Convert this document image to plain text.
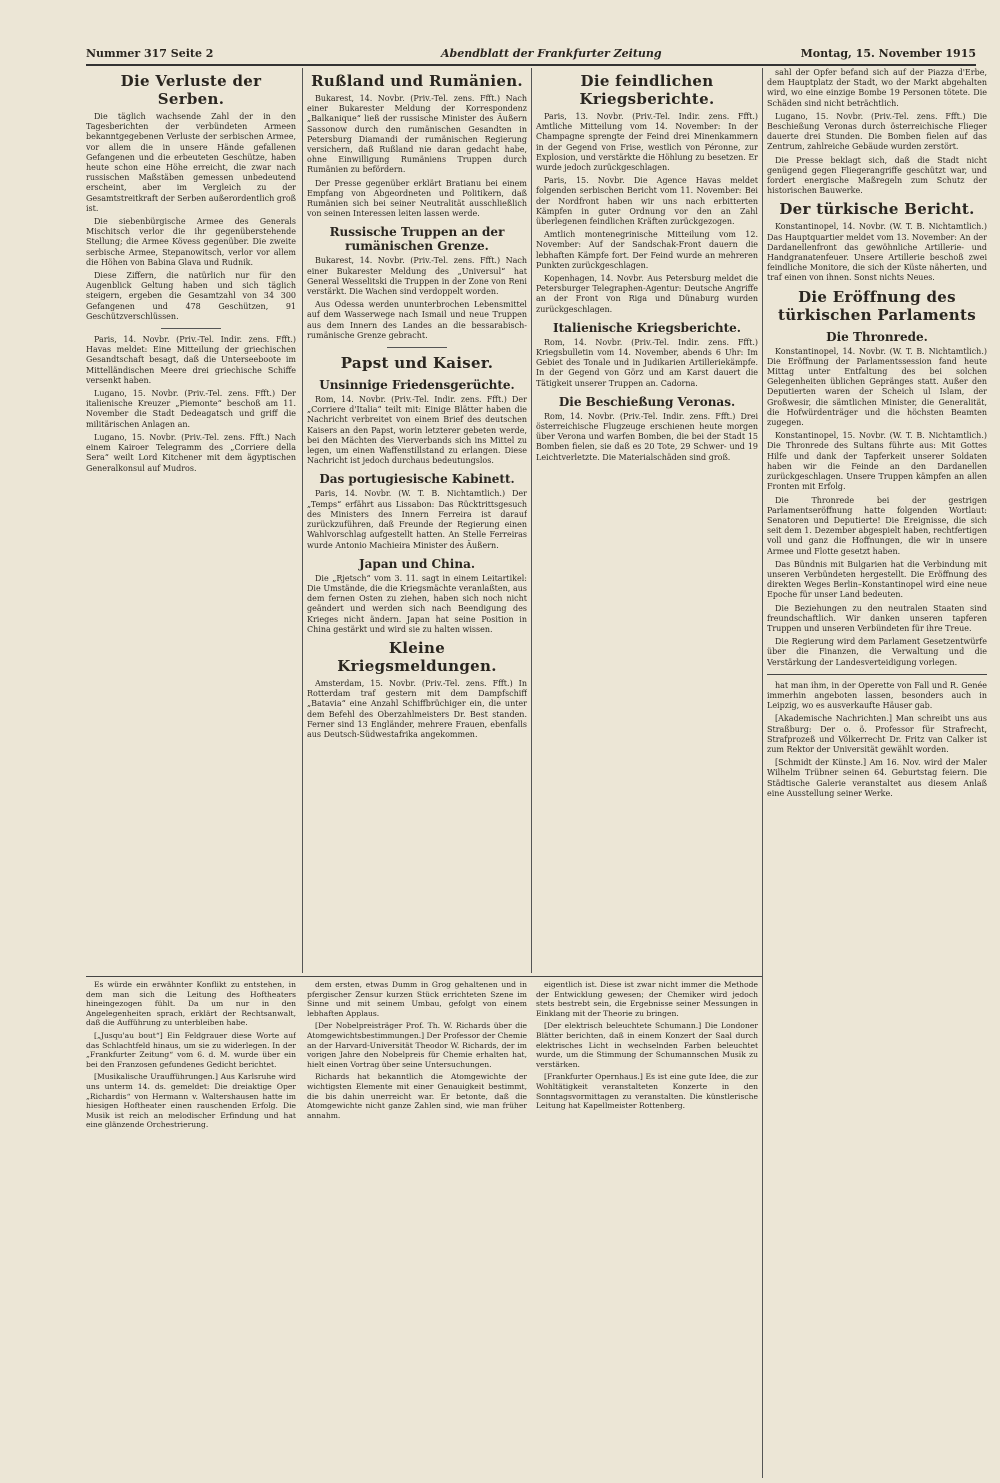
Nummer 317 Seite 2	Abendblatt der Frankfurter Zeitung	Montag, 15. November 1915
Die Verluste der Serben.

Die täglich wachsende Zahl der in den Tagesberichten der verbündeten Armeen bekanntgegebenen Verluste der serbischen Armee, vor allem die in unsere Hände gefallenen Gefangenen und die erbeuteten Geschütze, haben heute schon eine Höhe erreicht, die zwar nach russischen Maßstäben gemessen unbedeutend erscheint, aber im Vergleich zu der Gesamtstreitkraft der Serben außerordentlich groß ist.

Die siebenbürgische Armee des Generals Mischitsch verlor die ihr gegenüberstehende Stellung; die Armee Kövess gegenüber. Die zweite serbische Armee, Stepanowitsch, verlor vor allem die Höhen von Babina Glava und Rudnik.

Diese Ziffern, die natürlich nur für den Augenblick Geltung haben und sich täglich steigern, ergeben die Gesamtzahl von 34 300 Gefangenen und 478 Geschützen, 91 Geschützverschlüssen.

Paris, 14. Novbr. (Priv.-Tel. Indir. zens. Ffft.) Havas meldet: Eine Mitteilung der griechischen Gesandtschaft besagt, daß die Unterseeboote im Mittelländischen Meere drei griechische Schiffe versenkt haben.

Lugano, 15. Novbr. (Priv.-Tel. zens. Ffft.) Der italienische Kreuzer „Piemonte“ beschoß am 11. November die Stadt Dedeagatsch und griff die militärischen Anlagen an.

Lugano, 15. Novbr. (Priv.-Tel. zens. Ffft.) Nach einem Kairoer Telegramm des „Corriere della Sera“ weilt Lord Kitchener mit dem ägyptischen Generalkonsul auf Mudros.

Rußland und Rumänien.

Bukarest, 14. Novbr. (Priv.-Tel. zens. Ffft.) Nach einer Bukarester Meldung der Korrespondenz „Balkanique“ ließ der russische Minister des Äußern Sassonow durch den rumänischen Gesandten in Petersburg Diamandi der rumänischen Regierung versichern, daß Rußland nie daran gedacht habe, ohne Einwilligung Rumäniens Truppen durch Rumänien zu befördern.

Der Presse gegenüber erklärt Bratianu bei einem Empfang von Abgeordneten und Politikern, daß Rumänien sich bei seiner Neutralität ausschließlich von seinen Interessen leiten lassen werde.

Russische Truppen an der rumänischen Grenze.

Bukarest, 14. Novbr. (Priv.-Tel. zens. Ffft.) Nach einer Bukarester Meldung des „Universul“ hat General Wesselitski die Truppen in der Zone von Reni verstärkt. Die Wachen sind verdoppelt worden.

Aus Odessa werden ununterbrochen Lebensmittel auf dem Wasserwege nach Ismail und neue Truppen aus dem Innern des Landes an die bessarabisch-rumänische Grenze gebracht.

Papst und Kaiser.
Unsinnige Friedensgerüchte.

Rom, 14. Novbr. (Priv.-Tel. Indir. zens. Ffft.) Der „Corriere d'Italia“ teilt mit: Einige Blätter haben die Nachricht verbreitet von einem Brief des deutschen Kaisers an den Papst, worin letzterer gebeten werde, bei den Mächten des Vierverbands sich ins Mittel zu legen, um einen Waffenstillstand zu erlangen. Diese Nachricht ist jedoch durchaus bedeutungslos.

Das portugiesische Kabinett.

Paris, 14. Novbr. (W. T. B. Nichtamtlich.) Der „Temps“ erfährt aus Lissabon: Das Rücktrittsgesuch des Ministers des Innern Ferreira ist darauf zurückzuführen, daß Freunde der Regierung einen Wahlvorschlag aufgestellt hatten. An Stelle Ferreiras wurde Antonio Machieira Minister des Äußern.

Japan und China.

Die „Rjetsch“ vom 3. 11. sagt in einem Leitartikel: Die Umstände, die die Kriegsmächte veranlaßten, aus dem fernen Osten zu ziehen, haben sich noch nicht geändert und werden sich nach Beendigung des Krieges nicht ändern. Japan hat seine Position in China gestärkt und wird sie zu halten wissen.

Kleine Kriegsmeldungen.

Amsterdam, 15. Novbr. (Priv.-Tel. zens. Ffft.) In Rotterdam traf gestern mit dem Dampfschiff „Batavia“ eine Anzahl Schiffbrüchiger ein, die unter dem Befehl des Oberzahlmeisters Dr. Best standen. Ferner sind 13 Engländer, mehrere Frauen, ebenfalls aus Deutsch-Südwestafrika angekommen.

Die feindlichen Kriegsberichte.

Paris, 13. Novbr. (Priv.-Tel. Indir. zens. Ffft.) Amtliche Mitteilung vom 14. November: In der Champagne sprengte der Feind drei Minenkammern in der Gegend von Frise, westlich von Péronne, zur Explosion, und verstärkte die Höhlung zu besetzen. Er wurde jedoch zurückgeschlagen.

Paris, 15. Novbr. Die Agence Havas meldet folgenden serbischen Bericht vom 11. November: Bei der Nordfront haben wir uns nach erbitterten Kämpfen in guter Ordnung vor den an Zahl überlegenen feindlichen Kräften zurückgezogen.

Amtlich montenegrinische Mitteilung vom 12. November: Auf der Sandschak-Front dauern die lebhaften Kämpfe fort. Der Feind wurde an mehreren Punkten zurückgeschlagen.

Kopenhagen, 14. Novbr. Aus Petersburg meldet die Petersburger Telegraphen-Agentur: Deutsche Angriffe an der Front von Riga und Dünaburg wurden zurückgeschlagen.

Italienische Kriegsberichte.

Rom, 14. Novbr. (Priv.-Tel. Indir. zens. Ffft.) Kriegsbulletin vom 14. November, abends 6 Uhr: Im Gebiet des Tonale und in Judikarien Artilleriekämpfe. In der Gegend von Görz und am Karst dauert die Tätigkeit unserer Truppen an. Cadorna.

Die Beschießung Veronas.

Rom, 14. Novbr. (Priv.-Tel. Indir. zens. Ffft.) Drei österreichische Flugzeuge erschienen heute morgen über Verona und warfen Bomben, die bei der Stadt 15 Bomben fielen, sie daß es 20 Tote, 29 Schwer- und 19 Leichtverletzte. Die Materialschäden sind groß.

sahl der Opfer befand sich auf der Piazza d'Erbe, dem Hauptplatz der Stadt, wo der Markt abgehalten wird, wo eine einzige Bombe 19 Personen tötete. Die Schäden sind nicht beträchtlich.

Lugano, 15. Novbr. (Priv.-Tel. zens. Ffft.) Die Beschießung Veronas durch österreichische Flieger dauerte drei Stunden. Die Bomben fielen auf das Zentrum, zahlreiche Gebäude wurden zerstört.

Die Presse beklagt sich, daß die Stadt nicht genügend gegen Fliegerangriffe geschützt war, und fordert energische Maßregeln zum Schutz der historischen Bauwerke.

Der türkische Bericht.

Konstantinopel, 14. Novbr. (W. T. B. Nichtamtlich.) Das Hauptquartier meldet vom 13. November: An der Dardanellenfront das gewöhnliche Artillerie- und Handgranatenfeuer. Unsere Artillerie beschoß zwei feindliche Monitore, die sich der Küste näherten, und traf einen von ihnen. Sonst nichts Neues.

Die Eröffnung des türkischen Parlaments
Die Thronrede.

Konstantinopel, 14. Novbr. (W. T. B. Nichtamtlich.) Die Eröffnung der Parlamentssession fand heute Mittag unter Entfaltung des bei solchen Gelegenheiten üblichen Gepränges statt. Außer den Deputierten waren der Scheich ul Islam, der Großwesir, die sämtlichen Minister, die Generalität, die Hofwürdenträger und die höchsten Beamten zugegen.

Konstantinopel, 15. Novbr. (W. T. B. Nichtamtlich.) Die Thronrede des Sultans führte aus: Mit Gottes Hilfe und dank der Tapferkeit unserer Soldaten haben wir die Feinde an den Dardanellen zurückgeschlagen. Unsere Truppen kämpfen an allen Fronten mit Erfolg.

Die Thronrede bei der gestrigen Parlamentseröffnung hatte folgenden Wortlaut: Senatoren und Deputierte! Die Ereignisse, die sich seit dem 1. Dezember abgespielt haben, rechtfertigen voll und ganz die Hoffnungen, die wir in unsere Armee und Flotte gesetzt haben.

Das Bündnis mit Bulgarien hat die Verbindung mit unseren Verbündeten hergestellt. Die Eröffnung des direkten Weges Berlin–Konstantinopel wird eine neue Epoche für unser Land bedeuten.

Die Beziehungen zu den neutralen Staaten sind freundschaftlich. Wir danken unseren tapferen Truppen und unseren Verbündeten für ihre Treue.

Die Regierung wird dem Parlament Gesetzentwürfe über die Finanzen, die Verwaltung und die Verstärkung der Landesverteidigung vorlegen.

hat man ihm, in der Operette von Fall und R. Genée immerhin angeboten lassen, besonders auch in Leipzig, wo es ausverkaufte Häuser gab.

[Akademische Nachrichten.] Man schreibt uns aus Straßburg: Der o. ö. Professor für Strafrecht, Strafprozeß und Völkerrecht Dr. Fritz van Calker ist zum Rektor der Universität gewählt worden.

[Schmidt der Künste.] Am 16. Nov. wird der Maler Wilhelm Trübner seinen 64. Geburtstag feiern. Die Städtische Galerie veranstaltet aus diesem Anlaß eine Ausstellung seiner Werke.

Es würde ein erwähnter Konflikt zu entstehen, in dem man sich die Leitung des Hoftheaters hineingezogen fühlt. Da um nur in den Angelegenheiten sprach, erklärt der Rechtsanwalt, daß die Aufführung zu unterbleiben habe.

[„Jusqu'au bout“] Ein Feldgrauer diese Worte auf das Schlachtfeld hinaus, um sie zu widerlegen. In der „Frankfurter Zeitung“ vom 6. d. M. wurde über ein bei den Franzosen gefundenes Gedicht berichtet.

[Musikalische Uraufführungen.] Aus Karlsruhe wird uns unterm 14. ds. gemeldet: Die dreiaktige Oper „Richardis“ von Hermann v. Waltershausen hatte im hiesigen Hoftheater einen rauschenden Erfolg. Die Musik ist reich an melodischer Erfindung und hat eine glänzende Orchestrierung.

dem ersten, etwas Dumm in Grog gehaltenen und in pfergischer Zensur kurzen Stück errichteten Szene im Sinne und mit seinem Umbau, gefolgt von einem lebhaften Applaus.

[Der Nobelpreisträger Prof. Th. W. Richards über die Atomgewichtsbestimmungen.] Der Professor der Chemie an der Harvard-Universität Theodor W. Richards, der im vorigen Jahre den Nobelpreis für Chemie erhalten hat, hielt einen Vortrag über seine Untersuchungen.

Richards hat bekanntlich die Atomgewichte der wichtigsten Elemente mit einer Genauigkeit bestimmt, die bis dahin unerreicht war. Er betonte, daß die Atomgewichte nicht ganze Zahlen sind, wie man früher annahm.

eigentlich ist. Diese ist zwar nicht immer die Methode der Entwicklung gewesen; der Chemiker wird jedoch stets bestrebt sein, die Ergebnisse seiner Messungen in Einklang mit der Theorie zu bringen.

[Der elektrisch beleuchtete Schumann.] Die Londoner Blätter berichten, daß in einem Konzert der Saal durch elektrisches Licht in wechselnden Farben beleuchtet wurde, um die Stimmung der Schumannschen Musik zu verstärken.

[Frankfurter Opernhaus.] Es ist eine gute Idee, die zur Wohltätigkeit veranstalteten Konzerte in den Sonntagsvormittagen zu veranstalten. Die künstlerische Leitung hat Kapellmeister Rottenberg.
